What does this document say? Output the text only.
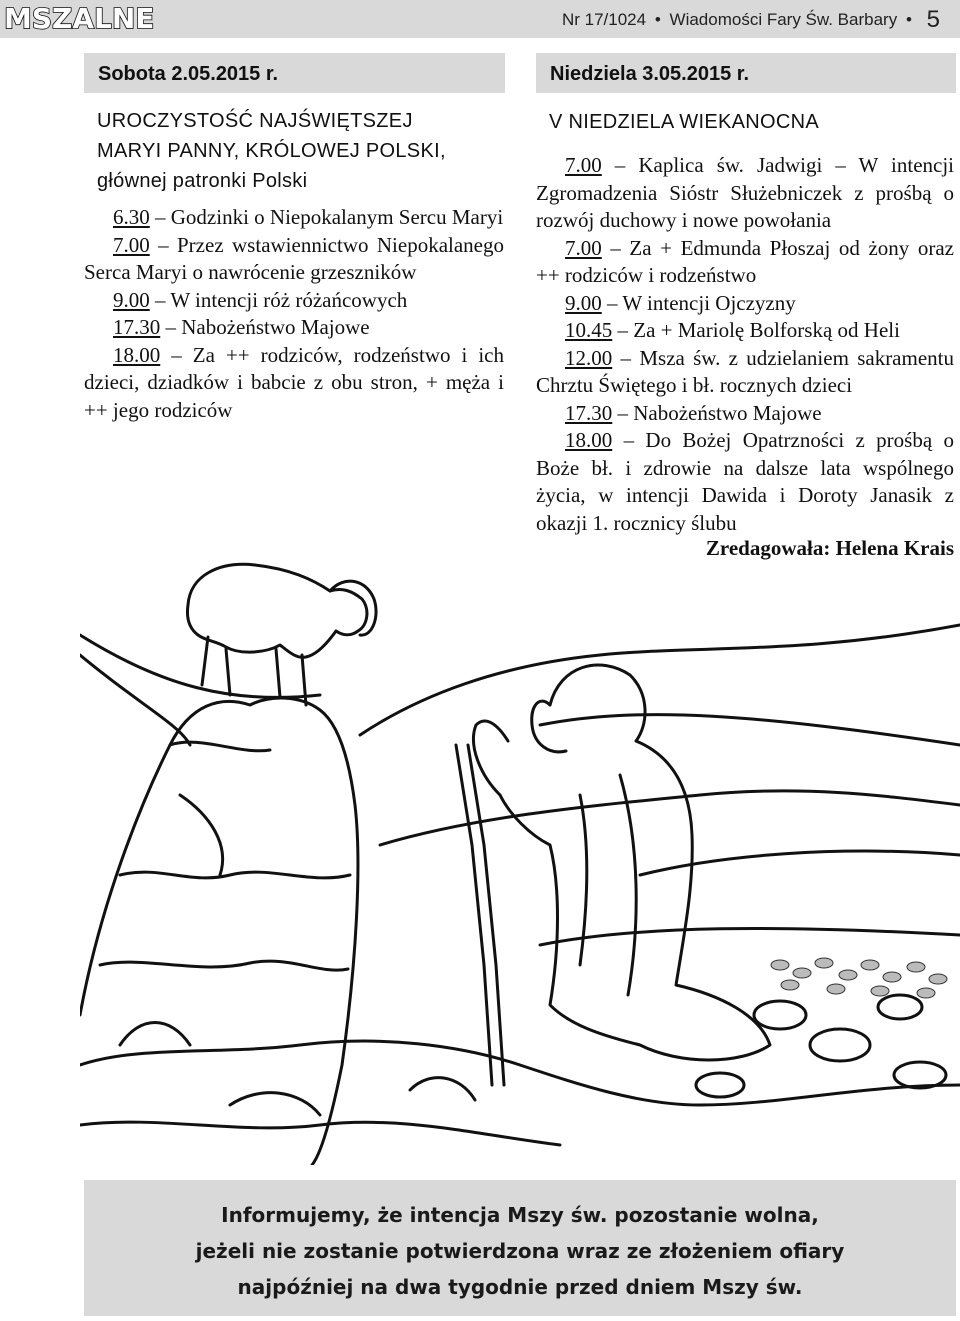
MSZALNE	Nr 17/1024 • Wiadomości Fary Św. Barbary • 5
Sobota 2.05.2015 r.	Niedziela 3.05.2015 r.
UROCZYSTOŚĆ NAJŚWIĘTSZEJ
MARYI PANNY, KRÓLOWEJ POLSKI,
głównej patronki Polski
V NIEDZIELA WIEKANOCNA

6.30 – Godzinki o Niepokalanym Sercu Maryi

7.00 – Przez wstawiennictwo Niepokalanego Serca Maryi o nawrócenie grzeszników

9.00 – W intencji róż różańcowych

17.30 – Nabożeństwo Majowe

18.00 – Za ++ rodziców, rodzeństwo i ich dzieci, dziadków i babcie z obu stron, + męża i ++ jego rodziców

7.00 – Kaplica św. Jadwigi – W intencji Zgromadzenia Sióstr Służebniczek z prośbą o rozwój duchowy i nowe powołania

7.00 – Za + Edmunda Płoszaj od żony oraz ++ rodziców i rodzeństwo

9.00 – W intencji Ojczyzny

10.45 – Za + Mariolę Bolforską od Heli

12.00 – Msza św. z udzielaniem sakramentu Chrztu Świętego i bł. rocznych dzieci

17.30 – Nabożeństwo Majowe

18.00 – Do Bożej Opatrzności z prośbą o Boże bł. i zdrowie na dalsze lata wspólnego życia, w intencji Dawida i Doroty Janasik z okazji 1. rocznicy ślubu

Zredagowała: Helena Krais
Informujemy, że intencja Mszy św. pozostanie wolna,
jeżeli nie zostanie potwierdzona wraz ze złożeniem ofiary
najpóźniej na dwa tygodnie przed dniem Mszy św.
